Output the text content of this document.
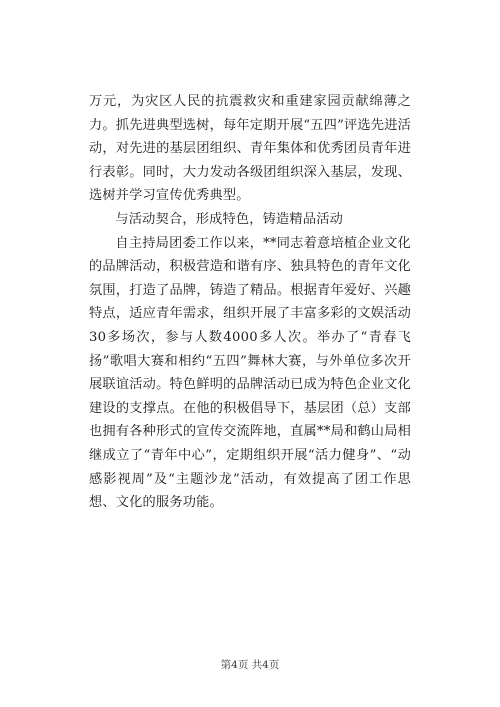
万元，为灾区人民的抗震救灾和重建家园贡献绵薄之力。抓先进典型选树，每年定期开展“五四”评选先进活动，对先进的基层团组织、青年集体和优秀团员青年进行表彰。同时，大力发动各级团组织深入基层，发现、选树并学习宣传优秀典型。

与活动契合，形成特色，铸造精品活动

自主持局团委工作以来，**同志着意培植企业文化的品牌活动，积极营造和谐有序、独具特色的青年文化氛围，打造了品牌，铸造了精品。根据青年爱好、兴趣特点，适应青年需求，组织开展了丰富多彩的文娱活动30多场次，参与人数4000多人次。举办了“青春飞扬”歌唱大赛和相约“五四”舞林大赛，与外单位多次开展联谊活动。特色鲜明的品牌活动已成为特色企业文化建设的支撑点。在他的积极倡导下，基层团（总）支部也拥有各种形式的宣传交流阵地，直属**局和鹤山局相继成立了“青年中心”，定期组织开展“活力健身”、“动感影视周”及“主题沙龙”活动，有效提高了团工作思想、文化的服务功能。

第4页 共4页
